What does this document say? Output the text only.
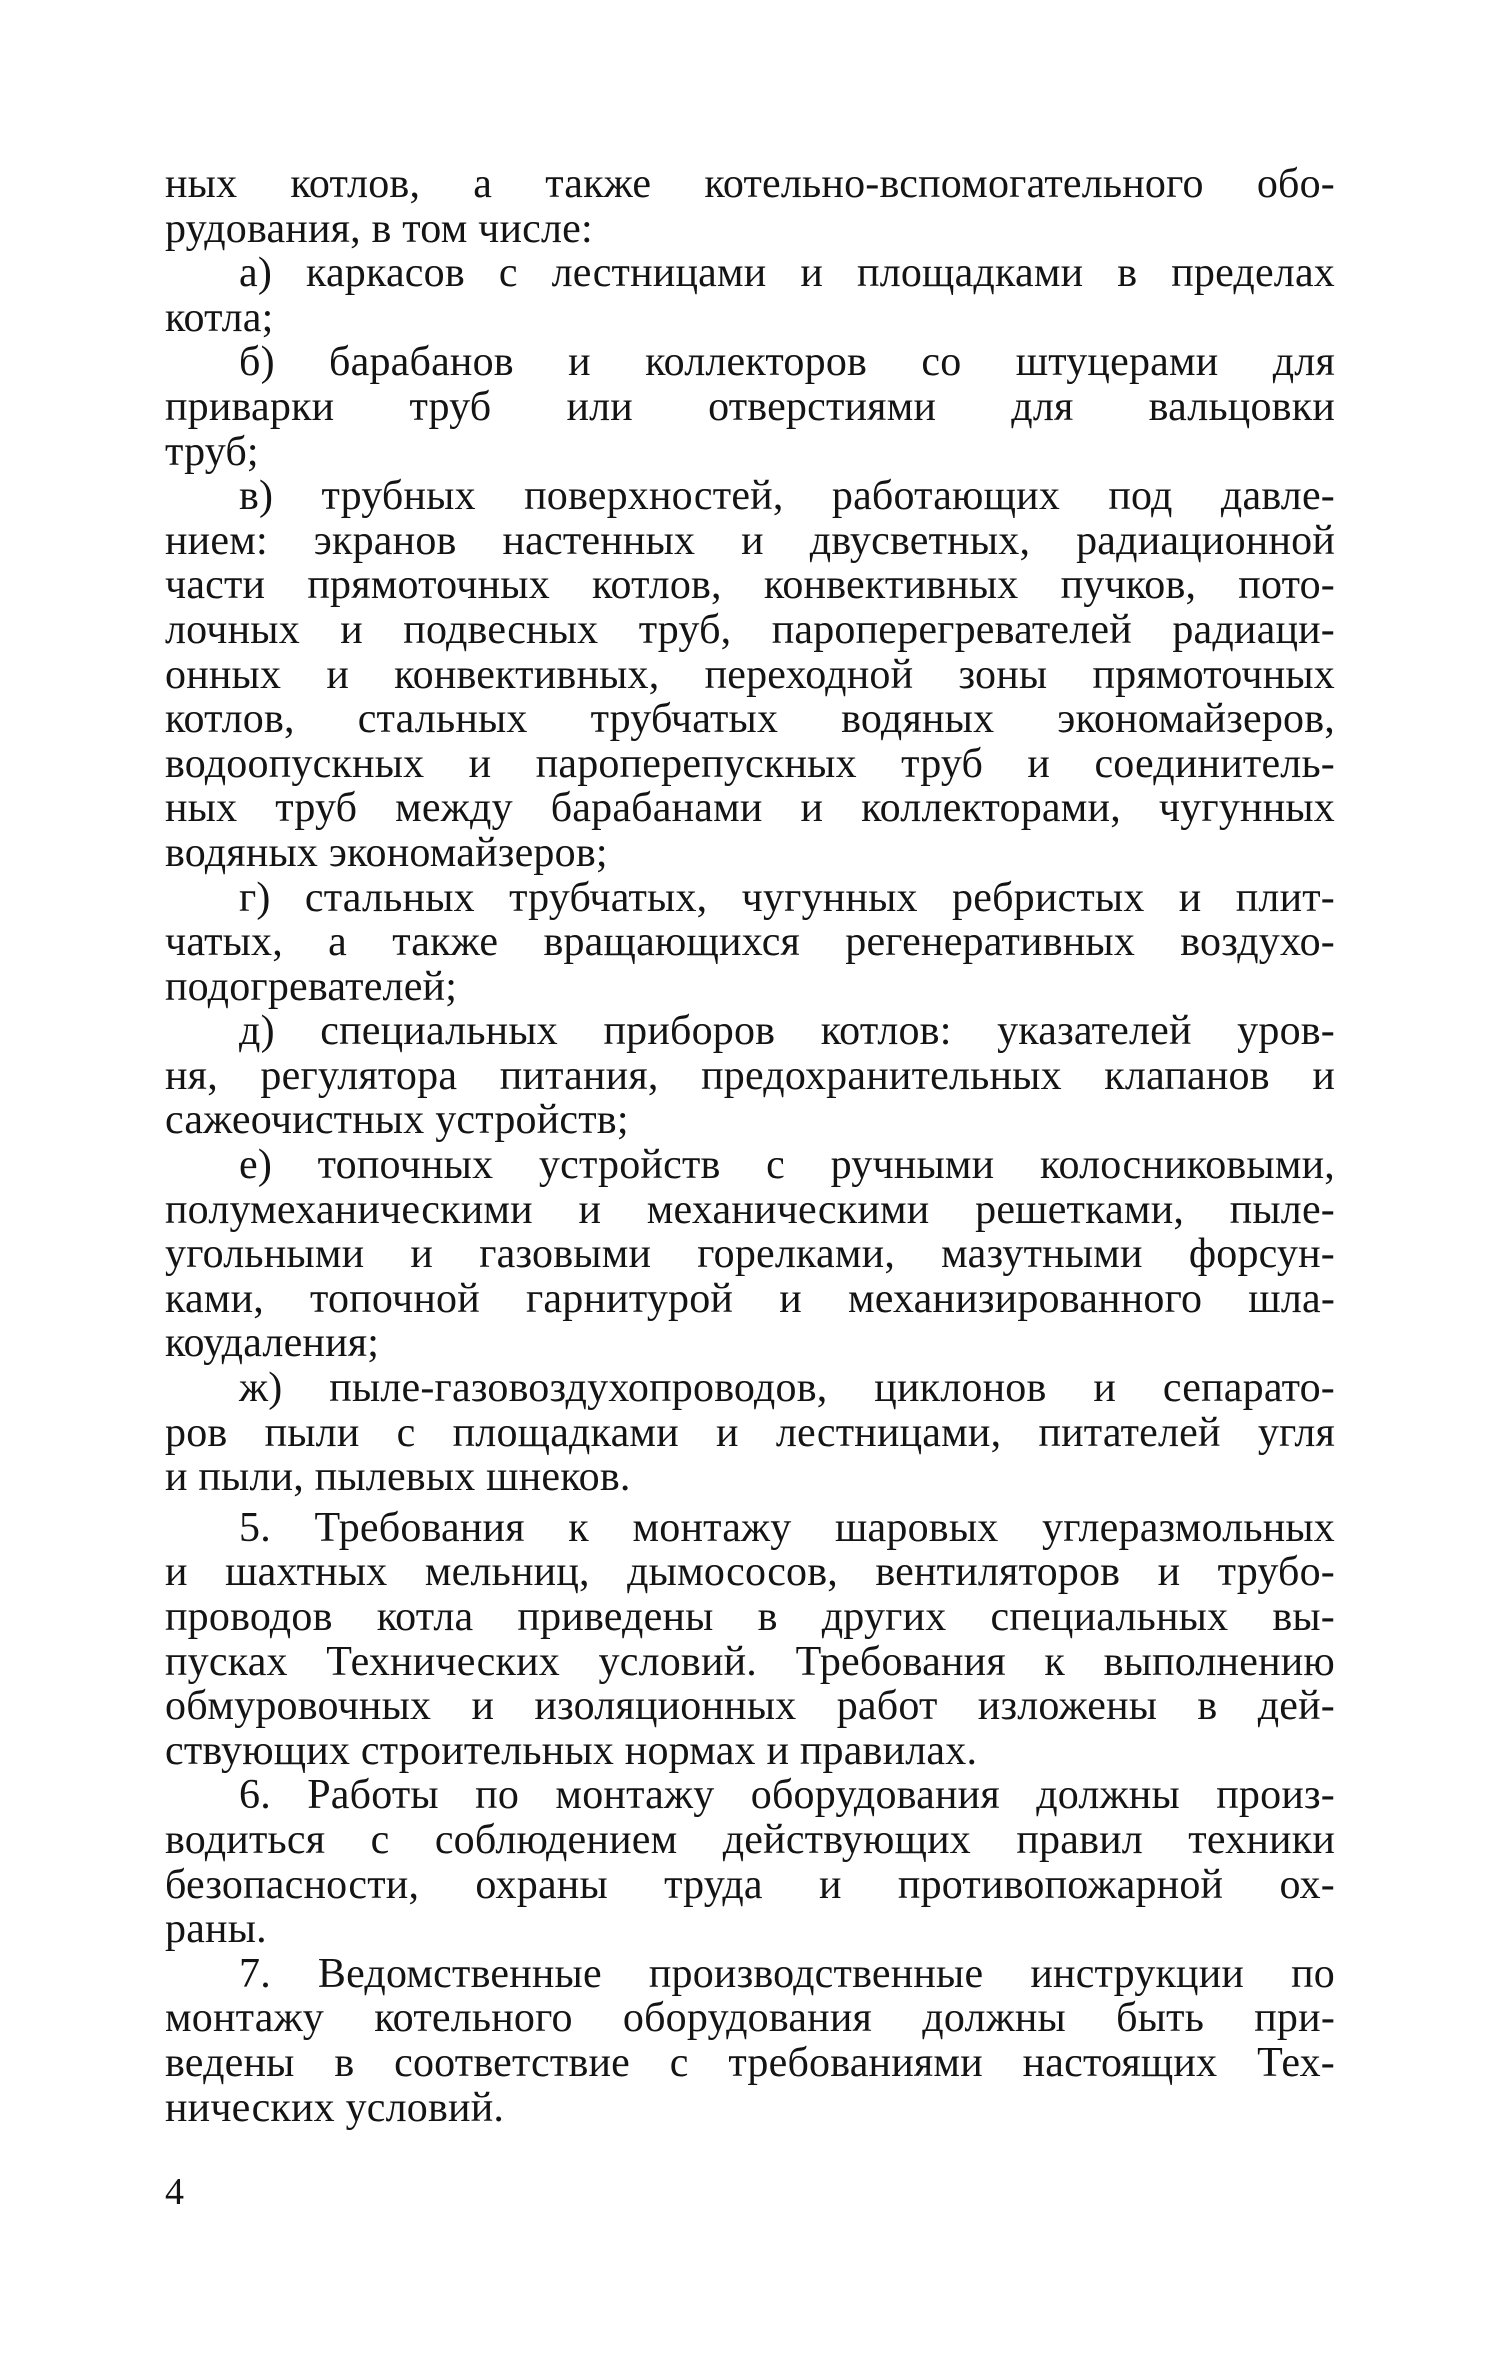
ных котлов, а также котельно-вспомогательного обо-
рудования, в том числе:
а) каркасов с лестницами и площадками в пределах
котла;
б) барабанов и коллекторов со штуцерами для
приварки труб или отверстиями для вальцовки
труб;
в) трубных поверхностей, работающих под давле-
нием: экранов настенных и двусветных, радиационной
части прямоточных котлов, конвективных пучков, пото-
лочных и подвесных труб, пароперегревателей радиаци-
онных и конвективных, переходной зоны прямоточных
котлов, стальных трубчатых водяных экономайзеров,
водоопускных и пароперепускных труб и соединитель-
ных труб между барабанами и коллекторами, чугунных
водяных экономайзеров;
г) стальных трубчатых, чугунных ребристых и плит-
чатых, а также вращающихся регенеративных воздухо-
подогревателей;
д) специальных приборов котлов: указателей уров-
ня, регулятора питания, предохранительных клапанов и
сажеочистных устройств;
е) топочных устройств с ручными колосниковыми,
полумеханическими и механическими решетками, пыле-
угольными и газовыми горелками, мазутными форсун-
ками, топочной гарнитурой и механизированного шла-
коудаления;
ж) пыле-газовоздухопроводов, циклонов и сепарато-
ров пыли с площадками и лестницами, питателей угля
и пыли, пылевых шнеков.
5. Требования к монтажу шаровых углеразмольных
и шахтных мельниц, дымососов, вентиляторов и трубо-
проводов котла приведены в других специальных вы-
пусках Технических условий. Требования к выполнению
обмуровочных и изоляционных работ изложены в дей-
ствующих строительных нормах и правилах.
6. Работы по монтажу оборудования должны произ-
водиться с соблюдением действующих правил техники
безопасности, охраны труда и противопожарной ох-
раны.
7. Ведомственные производственные инструкции по
монтажу котельного оборудования должны быть при-
ведены в соответствие с требованиями настоящих Тех-
нических условий.
4
